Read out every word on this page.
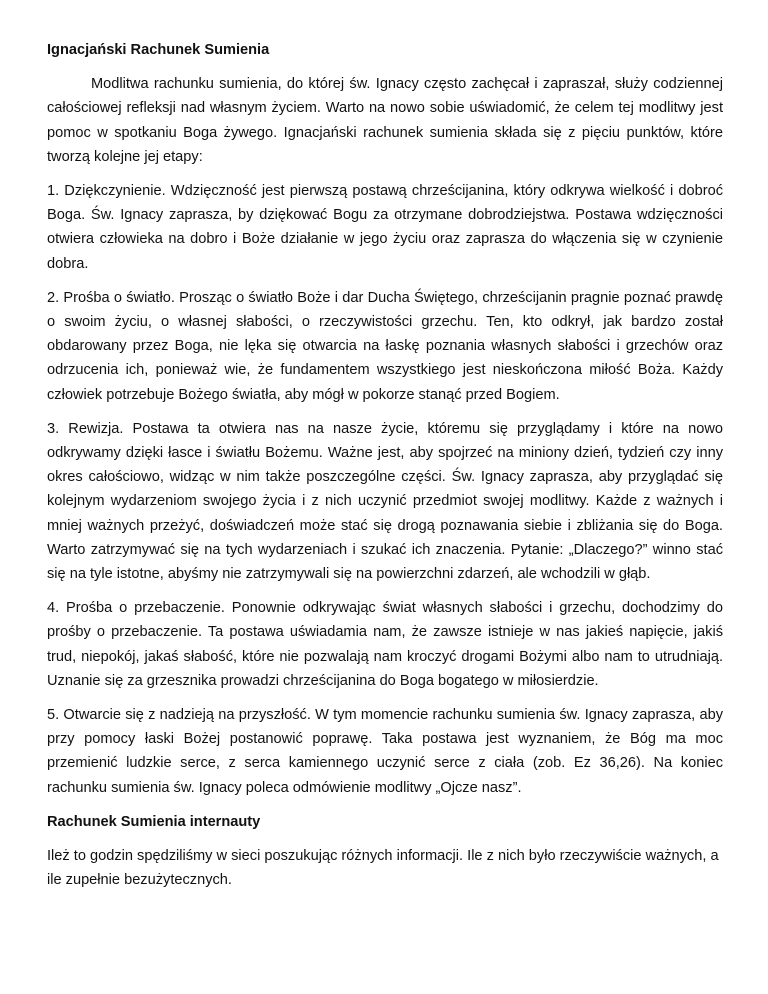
Ignacjański Rachunek Sumienia

Modlitwa rachunku sumienia, do której św. Ignacy często zachęcał i zapraszał, służy codziennej całościowej refleksji nad własnym życiem. Warto na nowo sobie uświadomić, że celem tej modlitwy jest pomoc w spotkaniu Boga żywego. Ignacjański rachunek sumienia składa się z pięciu punktów, które tworzą kolejne jej etapy:

1. Dziękczynienie. Wdzięczność jest pierwszą postawą chrześcijanina, który odkrywa wielkość i dobroć Boga. Św. Ignacy zaprasza, by dziękować Bogu za otrzymane dobrodziejstwa. Postawa wdzięczności otwiera człowieka na dobro i Boże działanie w jego życiu oraz zaprasza do włączenia się w czynienie dobra.

2. Prośba o światło. Prosząc o światło Boże i dar Ducha Świętego, chrześcijanin pragnie poznać prawdę o swoim życiu, o własnej słabości, o rzeczywistości grzechu. Ten, kto odkrył, jak bardzo został obdarowany przez Boga, nie lęka się otwarcia na łaskę poznania własnych słabości i grzechów oraz odrzucenia ich, ponieważ wie, że fundamentem wszystkiego jest nieskończona miłość Boża. Każdy człowiek potrzebuje Bożego światła, aby mógł w pokorze stanąć przed Bogiem.

3. Rewizja. Postawa ta otwiera nas na nasze życie, któremu się przyglądamy i które na nowo odkrywamy dzięki łasce i światłu Bożemu. Ważne jest, aby spojrzeć na miniony dzień, tydzień czy inny okres całościowo, widząc w nim także poszczególne części. Św. Ignacy zaprasza, aby przyglądać się kolejnym wydarzeniom swojego życia i z nich uczynić przedmiot swojej modlitwy. Każde z ważnych i mniej ważnych przeżyć, doświadczeń może stać się drogą poznawania siebie i zbliżania się do Boga. Warto zatrzymywać się na tych wydarzeniach i szukać ich znaczenia. Pytanie: „Dlaczego?” winno stać się na tyle istotne, abyśmy nie zatrzymywali się na powierzchni zdarzeń, ale wchodzili w głąb.

4. Prośba o przebaczenie. Ponownie odkrywając świat własnych słabości i grzechu, dochodzimy do prośby o przebaczenie. Ta postawa uświadamia nam, że zawsze istnieje w nas jakieś napięcie, jakiś trud, niepokój, jakaś słabość, które nie pozwalają nam kroczyć drogami Bożymi albo nam to utrudniają. Uznanie się za grzesznika prowadzi chrześcijanina do Boga bogatego w miłosierdzie.

5. Otwarcie się z nadzieją na przyszłość. W tym momencie rachunku sumienia św. Ignacy zaprasza, aby przy pomocy łaski Bożej postanowić poprawę. Taka postawa jest wyznaniem, że Bóg ma moc przemienić ludzkie serce, z serca kamiennego uczynić serce z ciała (zob. Ez 36,26). Na koniec rachunku sumienia św. Ignacy poleca odmówienie modlitwy „Ojcze nasz”.

Rachunek Sumienia internauty

Ileż to godzin spędziliśmy w sieci poszukując różnych informacji. Ile z nich było rzeczywiście ważnych, a ile zupełnie bezużytecznych.
